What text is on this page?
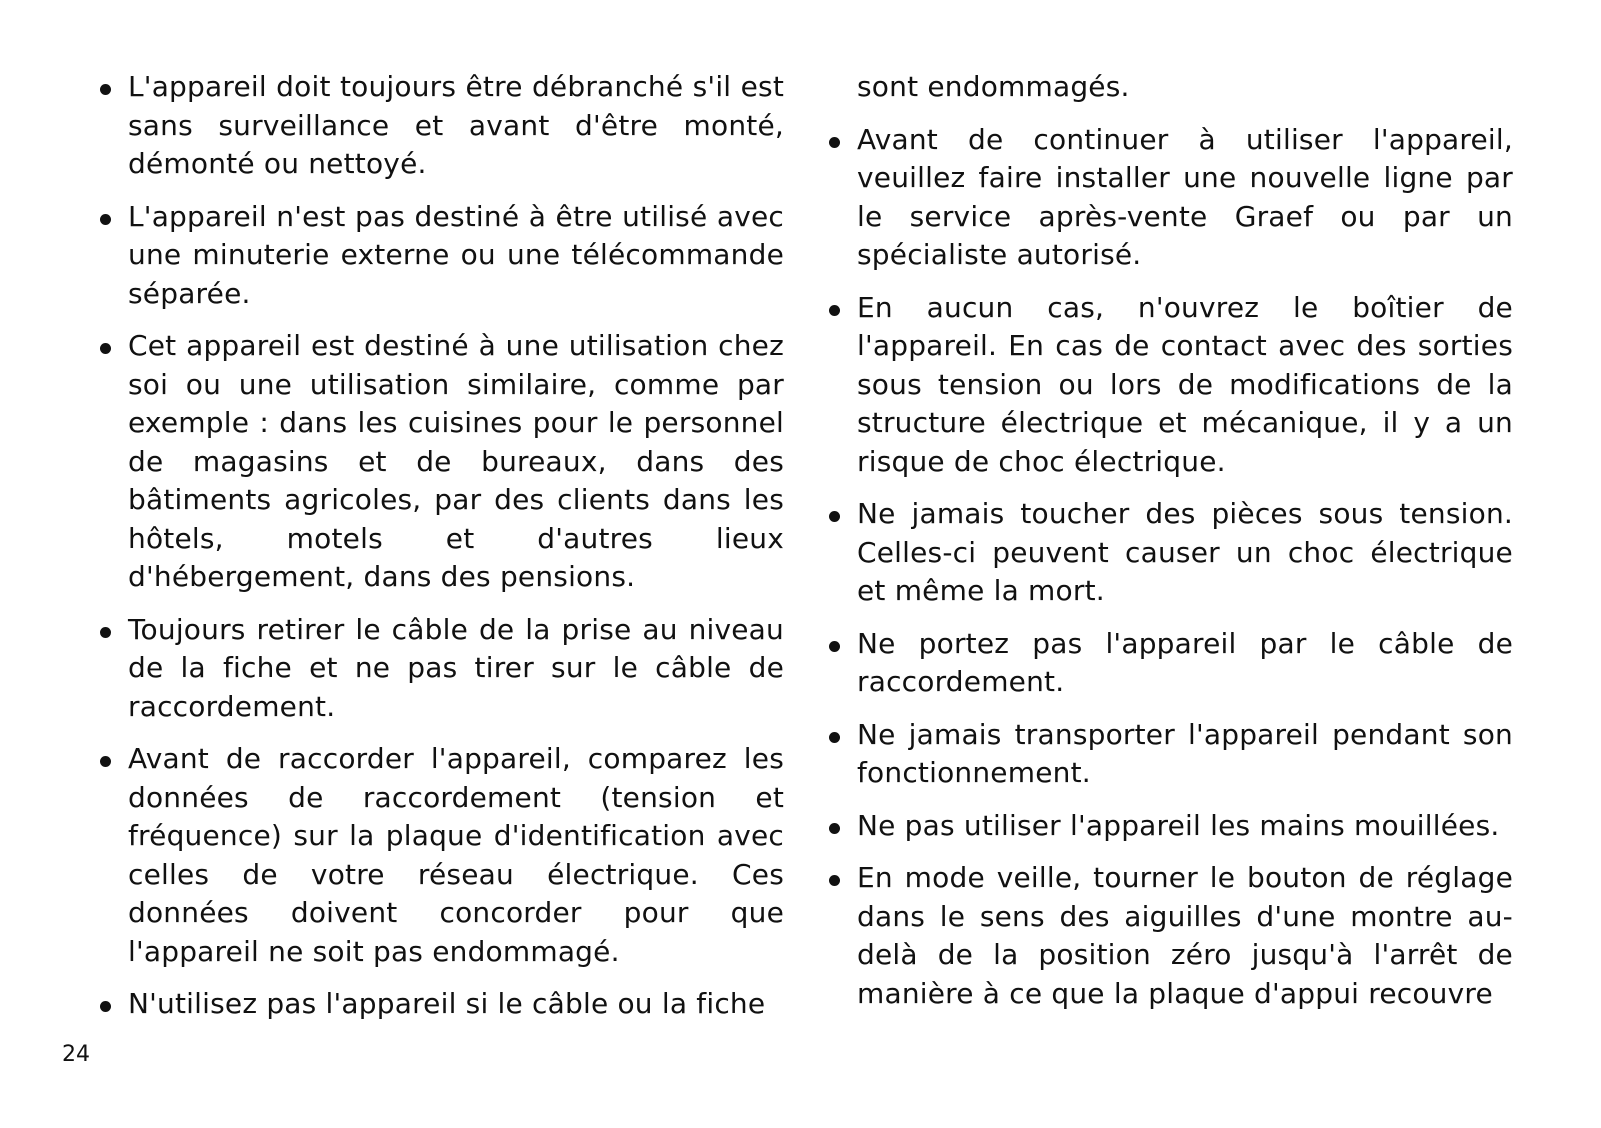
L'appareil doit toujours être débranché s'il est sans surveillance et avant d'être monté, démonté ou nettoyé.
L'appareil n'est pas destiné à être utilisé avec une minuterie externe ou une télécommande séparée.
Cet appareil est destiné à une utilisation chez soi ou une utilisation similaire, comme par exemple : dans les cuisines pour le personnel de magasins et de bureaux, dans des bâtiments agricoles, par des clients dans les hôtels, motels et d'autres lieux d'hébergement, dans des pensions.
Toujours retirer le câble de la prise au niveau de la fiche et ne pas tirer sur le câble de raccordement.
Avant de raccorder l'appareil, comparez les données de raccordement (tension et fréquence) sur la plaque d'identification avec celles de votre réseau électrique. Ces données doivent concorder pour que l'appareil ne soit pas endommagé.
N'utilisez pas l'appareil si le câble ou la fiche
sont endommagés.
Avant de continuer à utiliser l'appareil, veuillez faire installer une nouvelle ligne par le service après-vente Graef ou par un spécialiste autorisé.
En aucun cas, n'ouvrez le boîtier de l'appareil. En cas de contact avec des sorties sous tension ou lors de modifications de la structure électrique et mécanique, il y a un risque de choc électrique.
Ne jamais toucher des pièces sous tension. Celles-ci peuvent causer un choc électrique et même la mort.
Ne portez pas l'appareil par le câble de raccordement.
Ne jamais transporter l'appareil pendant son fonctionnement.
Ne pas utiliser l'appareil les mains mouillées.
En mode veille, tourner le bouton de réglage dans le sens des aiguilles d'une montre au-delà de la position zéro jusqu'à l'arrêt de manière à ce que la plaque d'appui recouvre
24
